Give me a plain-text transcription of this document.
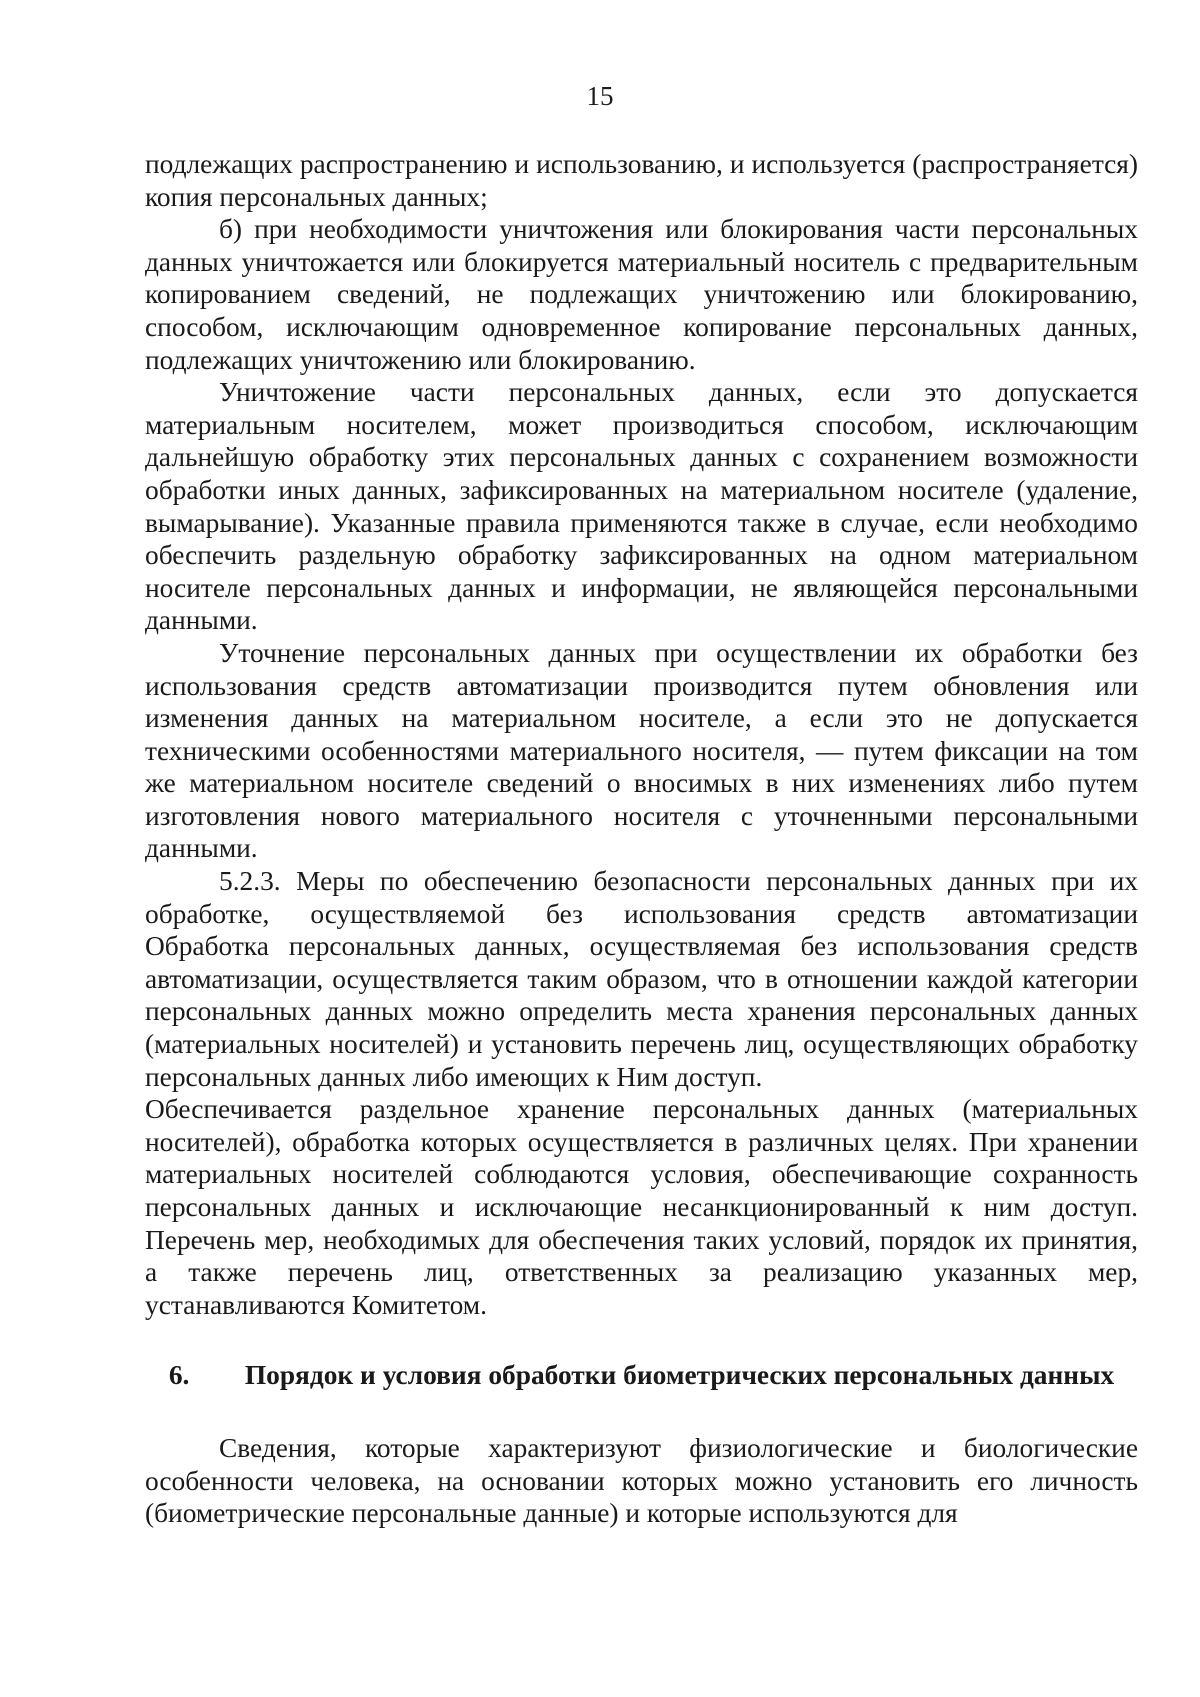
15

подлежащих распространению и использованию, и используется (распространяется) копия персональных данных;

б) при необходимости уничтожения или блокирования части персональных данных уничтожается или блокируется материальный носитель с предварительным копированием сведений, не подлежащих уничтожению или блокированию, способом, исключающим одновременное копирование персональных данных, подлежащих уничтожению или блокированию.

Уничтожение части персональных данных, если это допускается материальным носителем, может производиться способом, исключающим дальнейшую обработку этих персональных данных с сохранением возможности обработки иных данных, зафиксированных на материальном носителе (удаление, вымарывание). Указанные правила применяются также в случае, если необходимо обеспечить раздельную обработку зафиксированных на одном материальном носителе персональных данных и информации, не являющейся персональными данными.

Уточнение персональных данных при осуществлении их обработки без использования средств автоматизации производится путем обновления или изменения данных на материальном носителе, а если это не допускается техническими особенностями материального носителя, — путем фиксации на том же материальном носителе сведений о вносимых в них изменениях либо путем изготовления нового материального носителя с уточненными персональными данными.

5.2.3. Меры по обеспечению безопасности персональных данных при их обработке, осуществляемой без использования средств автоматизации

Обработка персональных данных, осуществляемая без использования средств автоматизации, осуществляется таким образом, что в отношении каждой категории персональных данных можно определить места хранения персональных данных (материальных носителей) и установить перечень лиц, осуществляющих обработку персональных данных либо имеющих к Ним доступ.

Обеспечивается раздельное хранение персональных данных (материальных носителей), обработка которых осуществляется в различных целях. При хранении материальных носителей соблюдаются условия, обеспечивающие сохранность персональных данных и исключающие несанкционированный к ним доступ. Перечень мер, необходимых для обеспечения таких условий, порядок их принятия, а также перечень лиц, ответственных за реализацию указанных мер, устанавливаются Комитетом.

6. Порядок и условия обработки биометрических персональных данных

Сведения, которые характеризуют физиологические и биологические особенности человека, на основании которых можно установить его личность (биометрические персональные данные) и которые используются для
